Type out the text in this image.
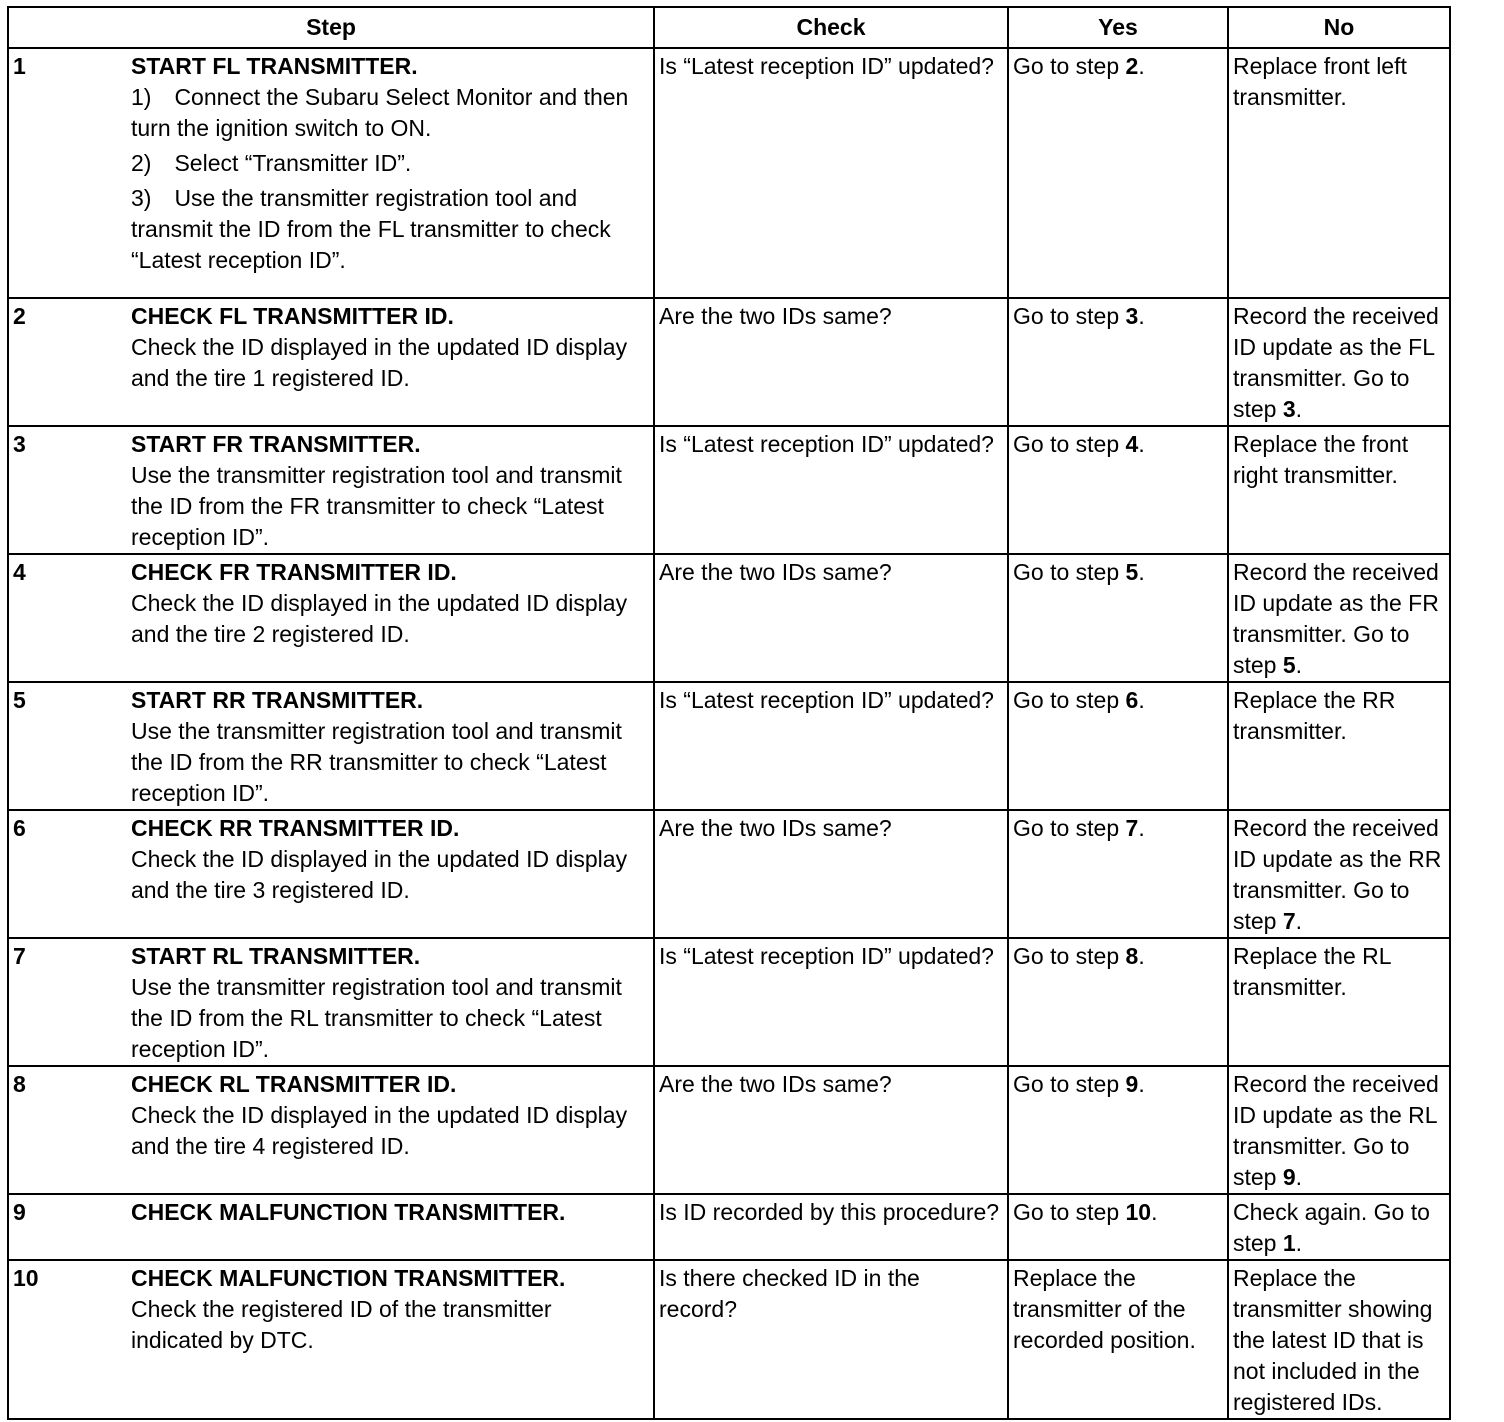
Step	Check	Yes	No

1 START FL TRANSMITTER.
1) Connect the Subaru Select Monitor and then turn the ignition switch to ON.
2) Select “Transmitter ID”.
3) Use the transmitter registration tool and transmit the ID from the FL transmitter to check “Latest reception ID”.	Is “Latest reception ID” updated?	Go to step 2.	Replace front left transmitter.

2 CHECK FL TRANSMITTER ID.
Check the ID displayed in the updated ID display and the tire 1 registered ID.	Are the two IDs same?	Go to step 3.	Record the received ID update as the FL transmitter. Go to step 3.

3 START FR TRANSMITTER.
Use the transmitter registration tool and transmit the ID from the FR transmitter to check “Latest reception ID”.	Is “Latest reception ID” updated?	Go to step 4.	Replace the front right transmitter.

4 CHECK FR TRANSMITTER ID.
Check the ID displayed in the updated ID display and the tire 2 registered ID.	Are the two IDs same?	Go to step 5.	Record the received ID update as the FR transmitter. Go to step 5.

5 START RR TRANSMITTER.
Use the transmitter registration tool and transmit the ID from the RR transmitter to check “Latest reception ID”.	Is “Latest reception ID” updated?	Go to step 6.	Replace the RR transmitter.

6 CHECK RR TRANSMITTER ID.
Check the ID displayed in the updated ID display and the tire 3 registered ID.	Are the two IDs same?	Go to step 7.	Record the received ID update as the RR transmitter. Go to step 7.

7 START RL TRANSMITTER.
Use the transmitter registration tool and transmit the ID from the RL transmitter to check “Latest reception ID”.	Is “Latest reception ID” updated?	Go to step 8.	Replace the RL transmitter.

8 CHECK RL TRANSMITTER ID.
Check the ID displayed in the updated ID display and the tire 4 registered ID.	Are the two IDs same?	Go to step 9.	Record the received ID update as the RL transmitter. Go to step 9.

9 CHECK MALFUNCTION TRANSMITTER.	Is ID recorded by this procedure?	Go to step 10.	Check again. Go to step 1.

10 CHECK MALFUNCTION TRANSMITTER.
Check the registered ID of the transmitter indicated by DTC.	Is there checked ID in the record?	Replace the transmitter of the recorded position.	Replace the transmitter showing the latest ID that is not included in the registered IDs.
